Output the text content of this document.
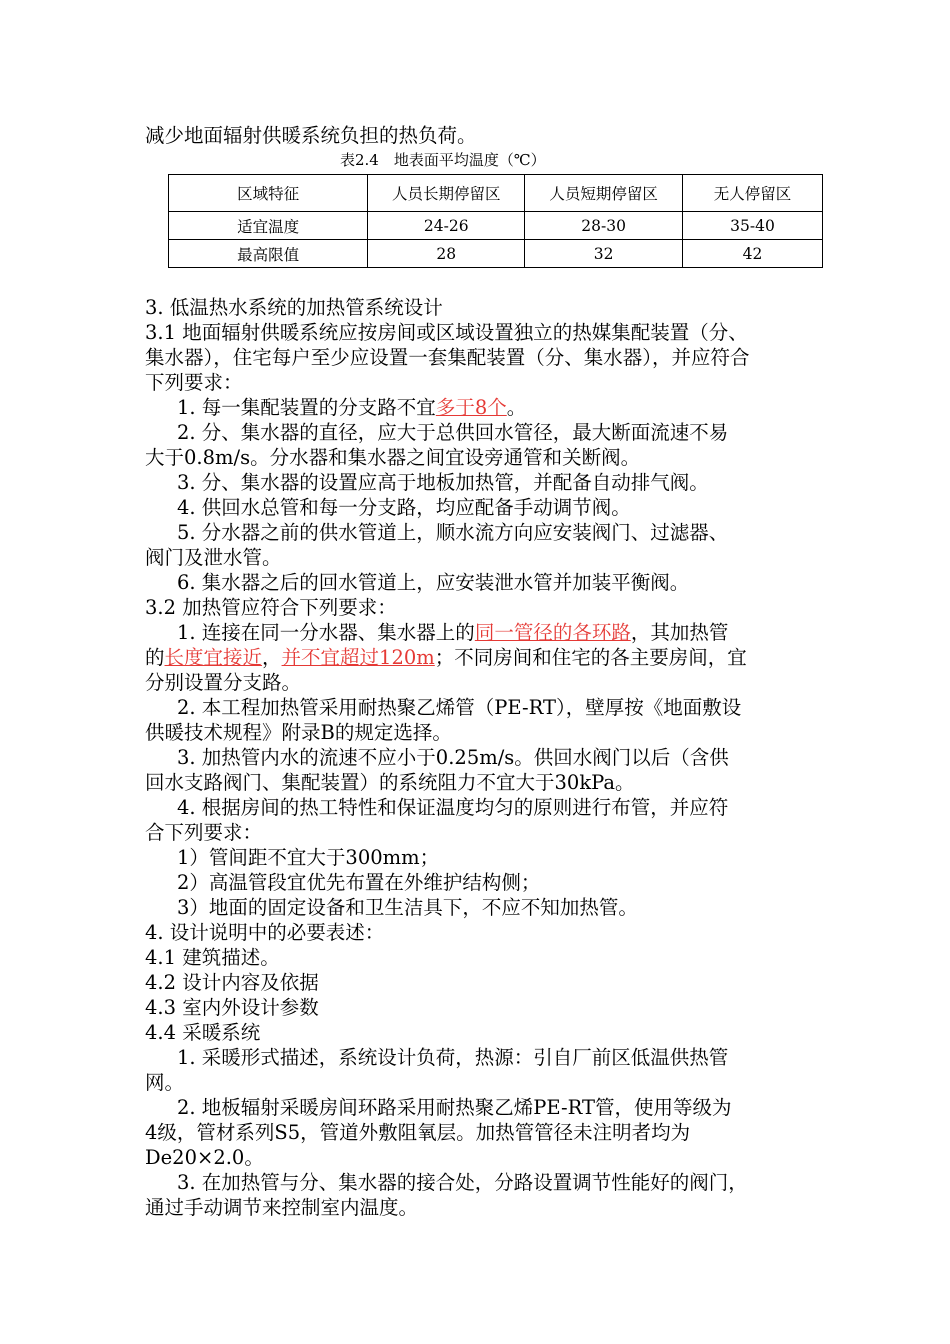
减少地面辐射供暖系统负担的热负荷。
表2.4　地表面平均温度（℃）
区域特征	人员长期停留区	人员短期停留区	无人停留区
适宜温度	24-26	28-30	35-40
最高限值	28	32	42
3. 低温热水系统的加热管系统设计
3.1 地面辐射供暖系统应按房间或区域设置独立的热媒集配装置（分、
集水器），住宅每户至少应设置一套集配装置（分、集水器），并应符合
下列要求：
1. 每一集配装置的分支路不宜多于8个。
2. 分、集水器的直径，应大于总供回水管径，最大断面流速不易
大于0.8m/s。分水器和集水器之间宜设旁通管和关断阀。
3. 分、集水器的设置应高于地板加热管，并配备自动排气阀。
4. 供回水总管和每一分支路，均应配备手动调节阀。
5. 分水器之前的供水管道上，顺水流方向应安装阀门、过滤器、
阀门及泄水管。
6. 集水器之后的回水管道上，应安装泄水管并加装平衡阀。
3.2 加热管应符合下列要求：
1. 连接在同一分水器、集水器上的同一管径的各环路，其加热管
的长度宜接近，并不宜超过120m；不同房间和住宅的各主要房间，宜
分别设置分支路。
2. 本工程加热管采用耐热聚乙烯管（PE-RT），壁厚按《地面敷设
供暖技术规程》附录B的规定选择。
3. 加热管内水的流速不应小于0.25m/s。供回水阀门以后（含供
回水支路阀门、集配装置）的系统阻力不宜大于30kPa。
4. 根据房间的热工特性和保证温度均匀的原则进行布管，并应符
合下列要求：
1）管间距不宜大于300mm；
2）高温管段宜优先布置在外维护结构侧；
3）地面的固定设备和卫生洁具下，不应不知加热管。
4. 设计说明中的必要表述：
4.1 建筑描述。
4.2 设计内容及依据
4.3 室内外设计参数
4.4 采暖系统
1. 采暖形式描述，系统设计负荷，热源：引自厂前区低温供热管
网。
2. 地板辐射采暖房间环路采用耐热聚乙烯PE-RT管，使用等级为
4级，管材系列S5，管道外敷阻氧层。加热管管径未注明者均为
De20×2.0。
3. 在加热管与分、集水器的接合处，分路设置调节性能好的阀门，
通过手动调节来控制室内温度。
